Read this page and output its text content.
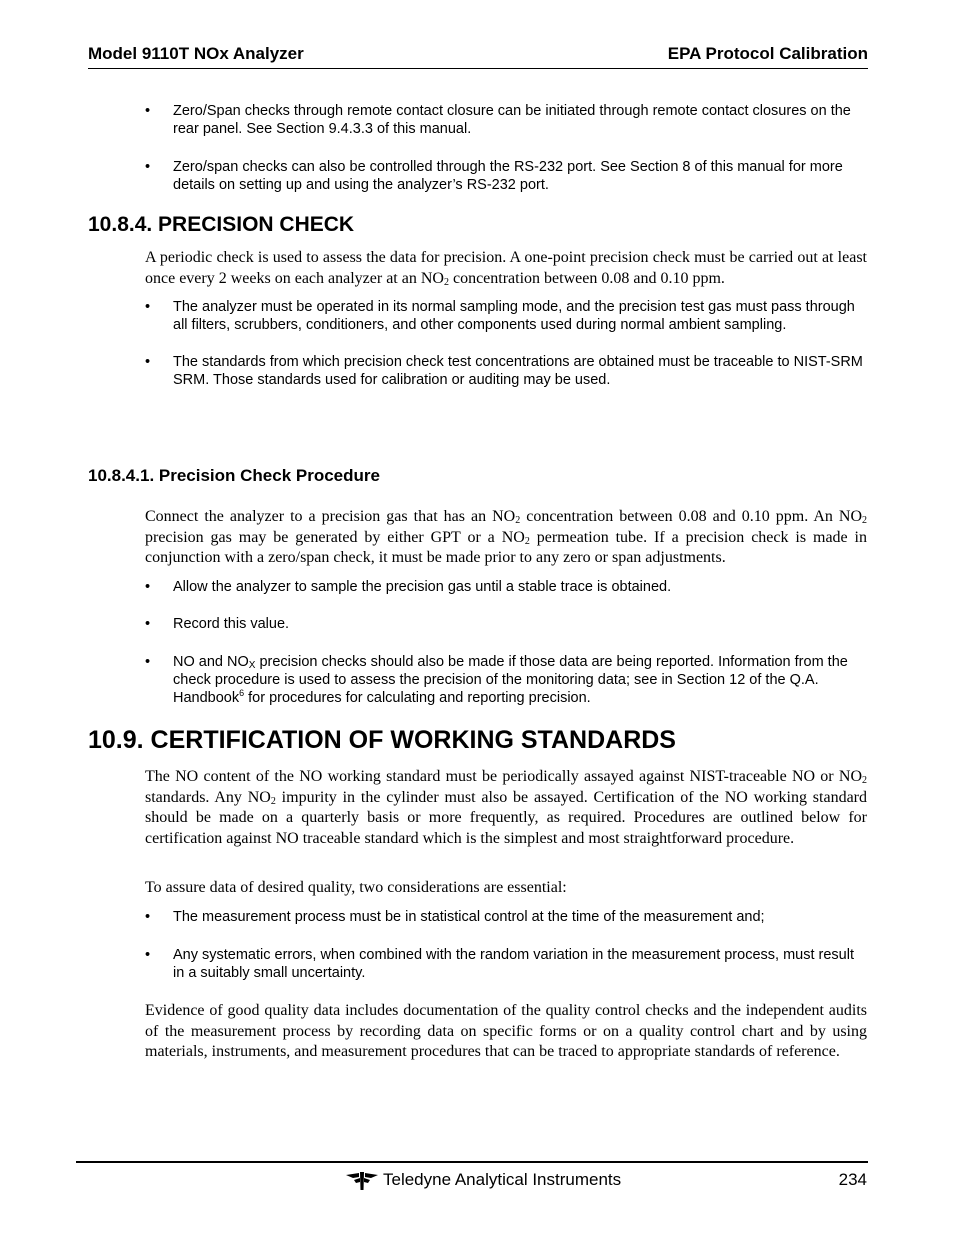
Model 9110T NOx Analyzer	EPA Protocol Calibration
• Zero/Span checks through remote contact closure can be initiated through remote contact closures on the rear panel. See Section 9.4.3.3 of this manual.
• Zero/span checks can also be controlled through the RS-232 port. See Section 8 of this manual for more details on setting up and using the analyzer’s RS-232 port.
10.8.4. PRECISION CHECK

A periodic check is used to assess the data for precision. A one-point precision check must be carried out at least once every 2 weeks on each analyzer at an $NO_2$ concentration between 0.08 and 0.10 ppm.

• The analyzer must be operated in its normal sampling mode, and the precision test gas must pass through all filters, scrubbers, conditioners, and other components used during normal ambient sampling.
• The standards from which precision check test concentrations are obtained must be traceable to NIST-SRM SRM. Those standards used for calibration or auditing may be used.
10.8.4.1. Precision Check Procedure

Connect the analyzer to a precision gas that has an $NO_2$ concentration between 0.08 and 0.10 ppm. An $NO_2$ precision gas may be generated by either GPT or a $NO_2$ permeation tube. If a precision check is made in conjunction with a zero/span check, it must be made prior to any zero or span adjustments.

• Allow the analyzer to sample the precision gas until a stable trace is obtained.
• Record this value.
• NO and $NO_X$ precision checks should also be made if those data are being reported. Information from the check procedure is used to assess the precision of the monitoring data; see in Section 12 of the Q.A. Handbook$^6$ for procedures for calculating and reporting precision.
10.9. CERTIFICATION OF WORKING STANDARDS

The NO content of the NO working standard must be periodically assayed against NIST-traceable NO or $NO_2$ standards. Any $NO_2$ impurity in the cylinder must also be assayed. Certification of the NO working standard should be made on a quarterly basis or more frequently, as required. Procedures are outlined below for certification against NO traceable standard which is the simplest and most straightforward procedure.

To assure data of desired quality, two considerations are essential:

• The measurement process must be in statistical control at the time of the measurement and;
• Any systematic errors, when combined with the random variation in the measurement process, must result in a suitably small uncertainty.

Evidence of good quality data includes documentation of the quality control checks and the independent audits of the measurement process by recording data on specific forms or on a quality control chart and by using materials, instruments, and measurement procedures that can be traced to appropriate standards of reference.

Teledyne Analytical Instruments	234
